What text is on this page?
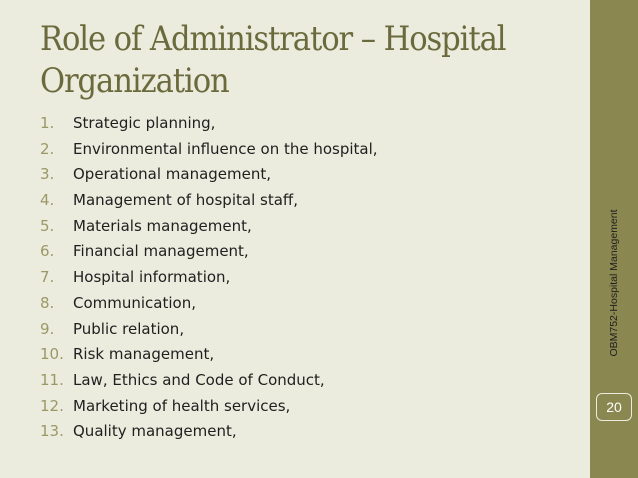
Role of Administrator – Hospital
Organization
1.	Strategic planning,
2.	Environmental influence on the hospital,
3.	Operational management,
4.	Management of hospital staff,
5.	Materials management,
6.	Financial management,
7.	Hospital information,
8.	Communication,
9.	Public relation,
10. Risk management,
11. Law, Ethics and Code of Conduct,
12. Marketing of health services,
13. Quality management,
OBM752-Hospital Management
20
